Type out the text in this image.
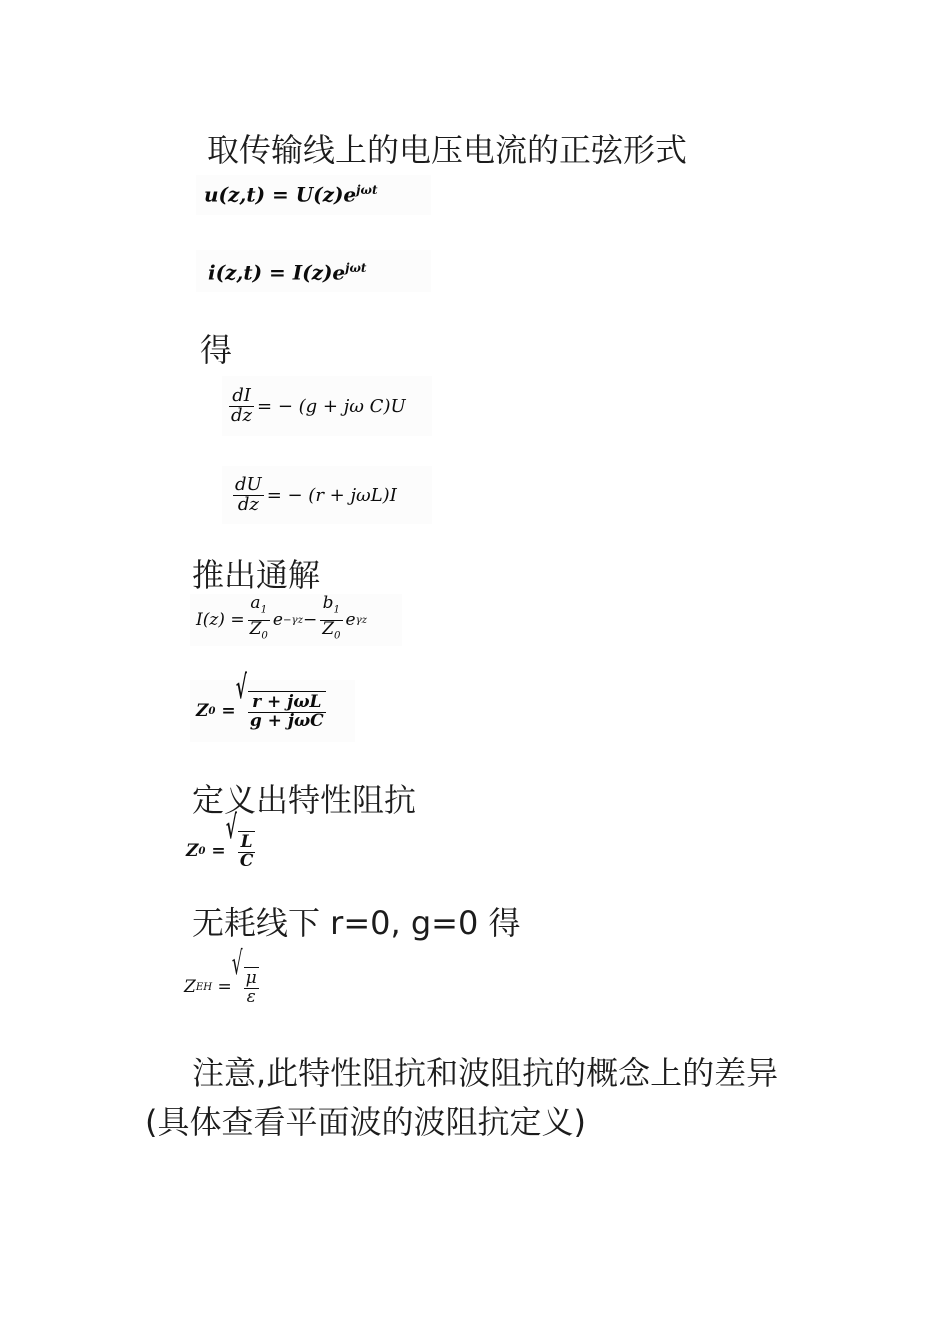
取传输线上的电压电流的正弦形式
$u(z,t) = U(z)e^{j\omega t}$
$i(z,t) = I(z)e^{j\omega t}$
得
$\frac{dI}{dz}$ = − (g + jω C)U
$\frac{dU}{dz}$ = − (r + jωL)I
推出通解
$I(z) = \frac{a_1}{Z_0}$ $e -\gamma z - \frac{b_1}{Z_0}$ e γz
Z 0 =
√
$\frac{\text{r + jωL}}{\text{g + jωC}}$
定义出特性阻抗
Z 0 =
√
$\frac{L}{C}$
无耗线下 r=0, g=0 得
Z EH =
√
$\frac{\mu}{\varepsilon}$
注意,此特性阻抗和波阻抗的概念上的差异
(具体查看平面波的波阻抗定义)
